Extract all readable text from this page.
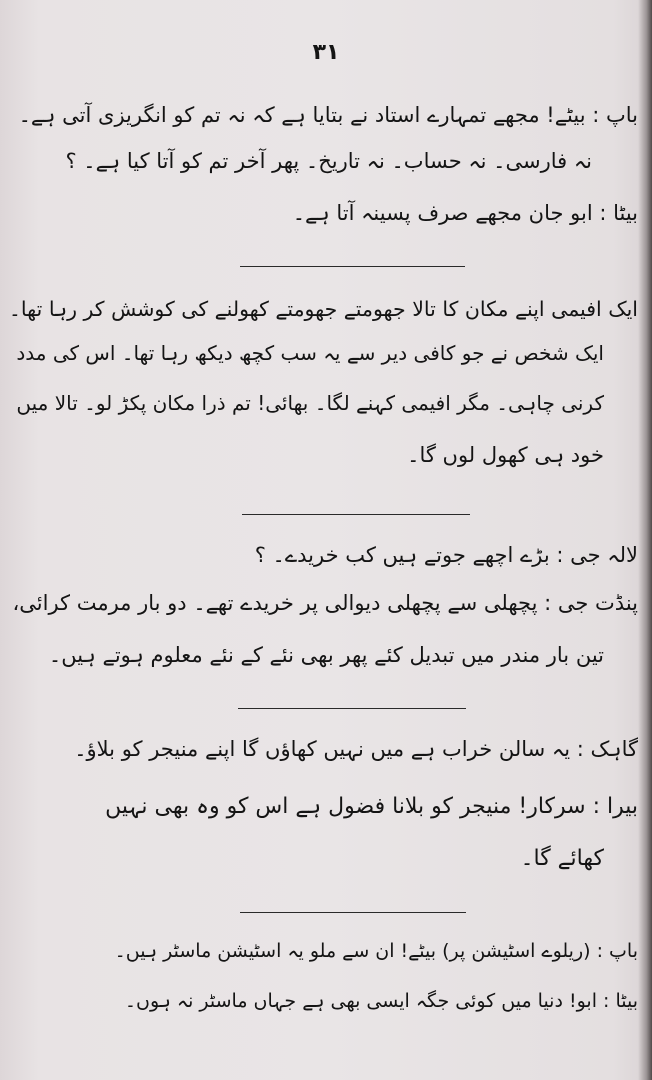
۳۱
باپ : بیٹے! مجھے تمہارے استاد نے بتایا ہے کہ نہ تم کو انگریزی آتی ہے۔
نہ فارسی۔ نہ حساب۔ نہ تاریخ۔ پھر آخر تم کو آتا کیا ہے۔ ؟
بیٹا : ابو جان مجھے صرف پسینہ آتا ہے۔
ایک افیمی اپنے مکان کا تالا جھومتے جھومتے کھولنے کی کوشش کر رہا تھا۔
ایک شخص نے جو کافی دیر سے یہ سب کچھ دیکھ رہا تھا۔ اس کی مدد
کرنی چاہی۔ مگر افیمی کہنے لگا۔ بھائی! تم ذرا مکان پکڑ لو۔ تالا میں
خود ہی کھول لوں گا۔
لالہ جی : بڑے اچھے جوتے ہیں کب خریدے۔ ؟
پنڈت جی : پچھلی سے پچھلی دیوالی پر خریدے تھے۔ دو بار مرمت کرائی،
تین بار مندر میں تبدیل کئے پھر بھی نئے کے نئے معلوم ہوتے ہیں۔
گاہک : یہ سالن خراب ہے میں نہیں کھاؤں گا اپنے منیجر کو بلاؤ۔
بیرا : سرکار! منیجر کو بلانا فضول ہے اس کو وہ بھی نہیں
کھائے گا۔
باپ : (ریلوے اسٹیشن پر) بیٹے! ان سے ملو یہ اسٹیشن ماسٹر ہیں۔
بیٹا : ابو! دنیا میں کوئی جگہ ایسی بھی ہے جہاں ماسٹر نہ ہوں۔
